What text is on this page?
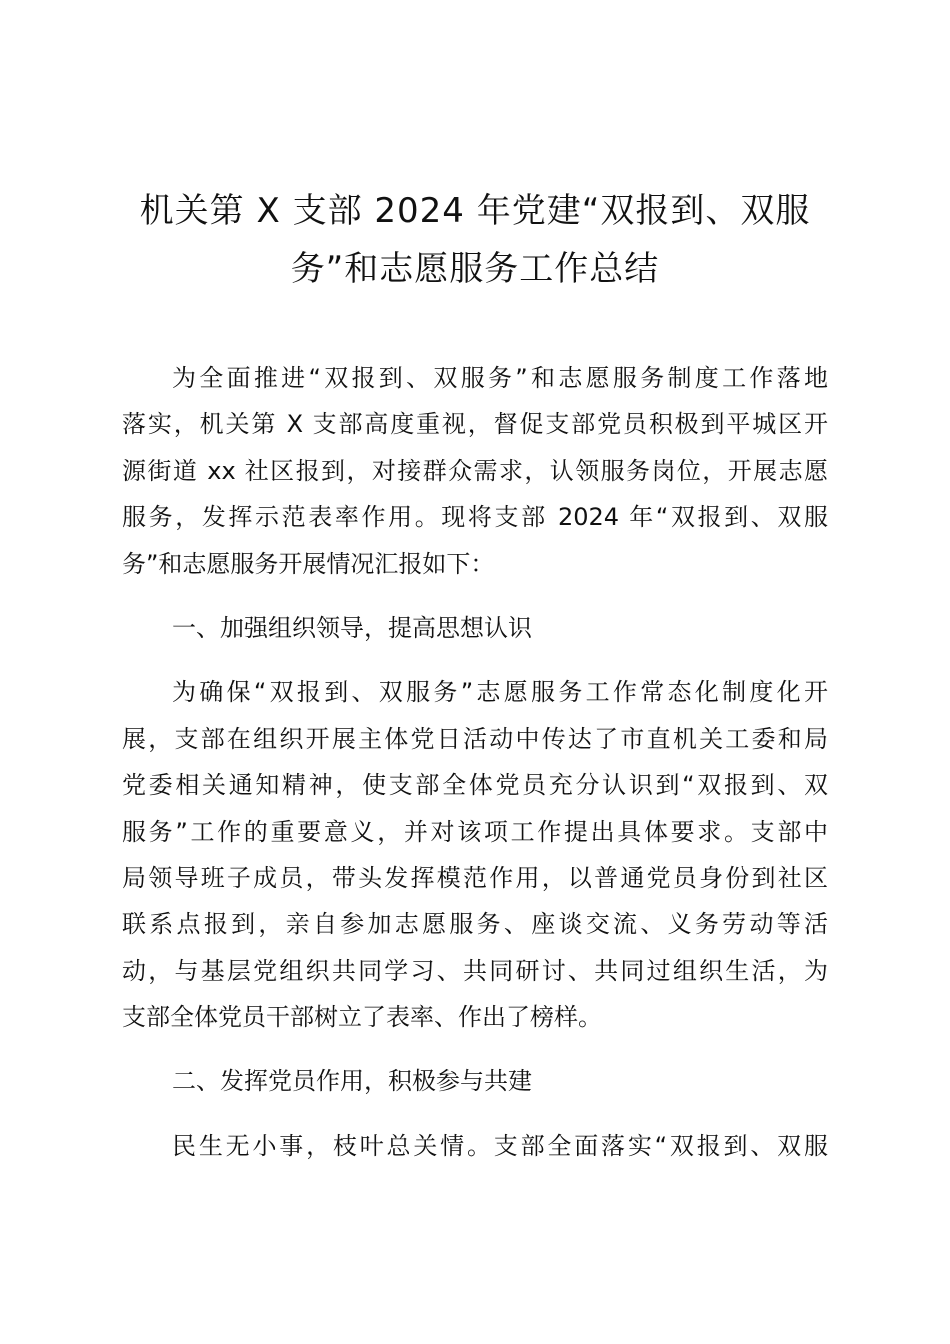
机关第 X 支部 2024 年党建“双报到、双服
务”和志愿服务工作总结
为全面推进“双报到、双服务”和志愿服务制度工作落地
落实，机关第 X 支部高度重视，督促支部党员积极到平城区开
源街道 xx 社区报到，对接群众需求，认领服务岗位，开展志愿
服务，发挥示范表率作用。现将支部 2024 年“双报到、双服
务”和志愿服务开展情况汇报如下：
一、加强组织领导，提高思想认识
为确保“双报到、双服务”志愿服务工作常态化制度化开
展，支部在组织开展主体党日活动中传达了市直机关工委和局
党委相关通知精神，使支部全体党员充分认识到“双报到、双
服务”工作的重要意义，并对该项工作提出具体要求。支部中
局领导班子成员，带头发挥模范作用，以普通党员身份到社区
联系点报到，亲自参加志愿服务、座谈交流、义务劳动等活
动，与基层党组织共同学习、共同研讨、共同过组织生活，为
支部全体党员干部树立了表率、作出了榜样。
二、发挥党员作用，积极参与共建
民生无小事，枝叶总关情。支部全面落实“双报到、双服
